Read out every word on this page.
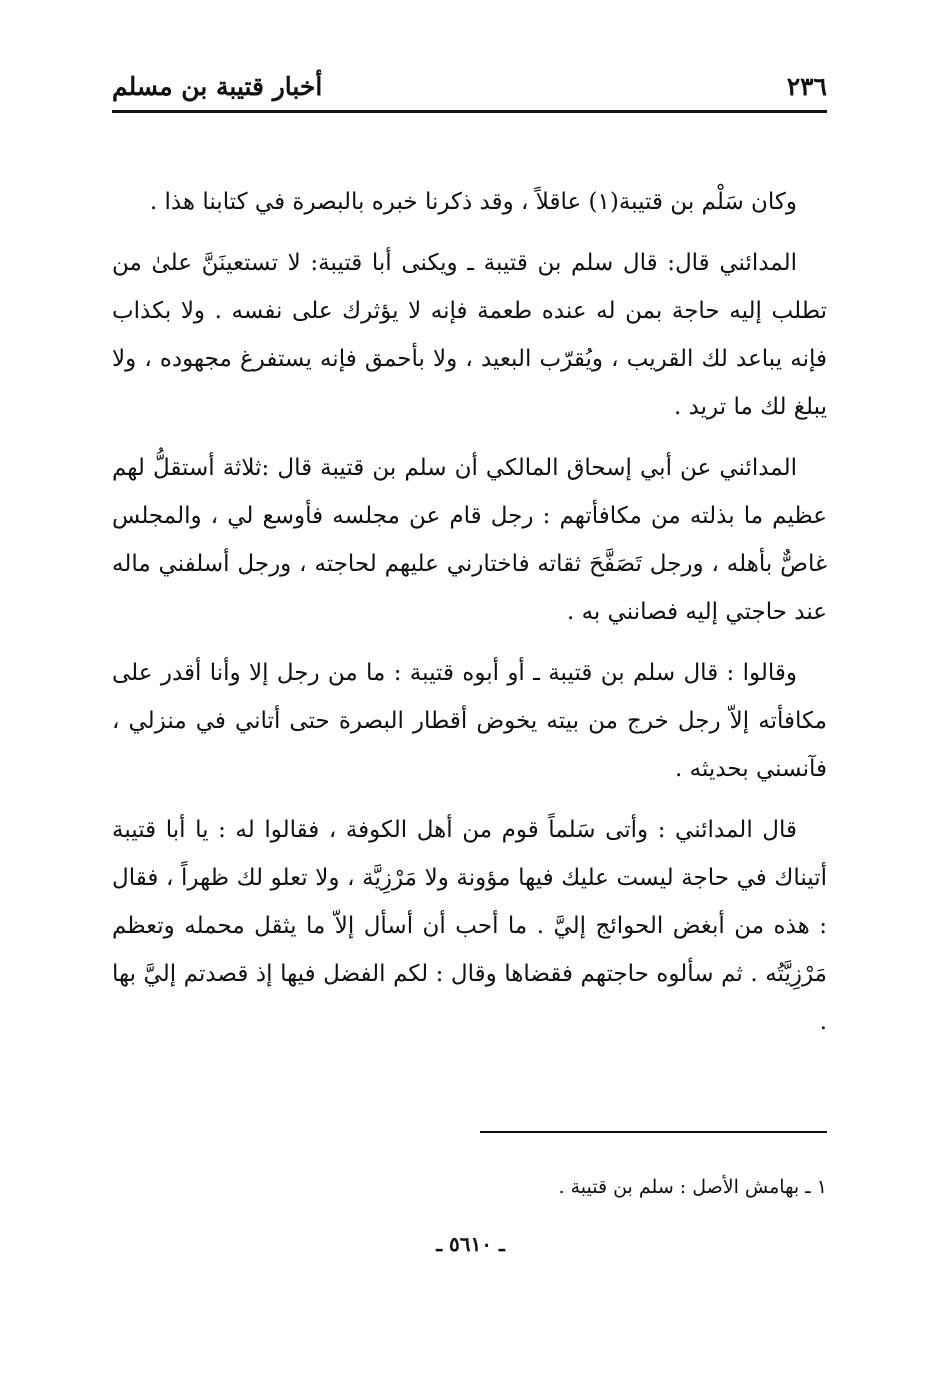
٢٣٦
أخبار قتيبة بن مسلم

وكان سَلْم بن قتيبة(١) عاقلاً ، وقد ذكرنا خبره بالبصرة في كتابنا هذا .

المدائني قال: قال سلم بن قتيبة ـ ويكنى أبا قتيبة: لا تستعينَنَّ علىٰ من تطلب إليه حاجة بمن له عنده طعمة فإنه لا يؤثرك على نفسه . ولا بكذاب فإنه يباعد لك القريب ، ويُقرّب البعيد ، ولا بأحمق فإنه يستفرغ مجهوده ، ولا يبلغ لك ما تريد .

المدائني عن أبي إسحاق المالكي أن سلم بن قتيبة قال :ثلاثة أستقلُّ لهم عظيم ما بذلته من مكافأتهم : رجل قام عن مجلسه فأوسع لي ، والمجلس غاصٌّ بأهله ، ورجل تَصَفَّحَ ثقاته فاختارني عليهم لحاجته ، ورجل أسلفني ماله عند حاجتي إليه فصانني به .

وقالوا : قال سلم بن قتيبة ـ أو أبوه قتيبة : ما من رجل إلا وأنا أقدر على مكافأته إلاّ رجل خرج من بيته يخوض أقطار البصرة حتى أتاني في منزلي ، فآنسني بحديثه .

قال المدائني : وأتى سَلماً قوم من أهل الكوفة ، فقالوا له : يا أبا قتيبة أتيناك في حاجة ليست عليك فيها مؤونة ولا مَرْزِيَّة ، ولا تعلو لك ظهراً ، فقال : هذه من أبغض الحوائج إليَّ . ما أحب أن أسأل إلاّ ما يثقل محمله وتعظم مَرْزِيَّتُه . ثم سألوه حاجتهم فقضاها وقال : لكم الفضل فيها إذ قصدتم إليَّ بها .

١ ـ بهامش الأصل : سلم بن قتيبة .
ـ ٥٦١٠ ـ
